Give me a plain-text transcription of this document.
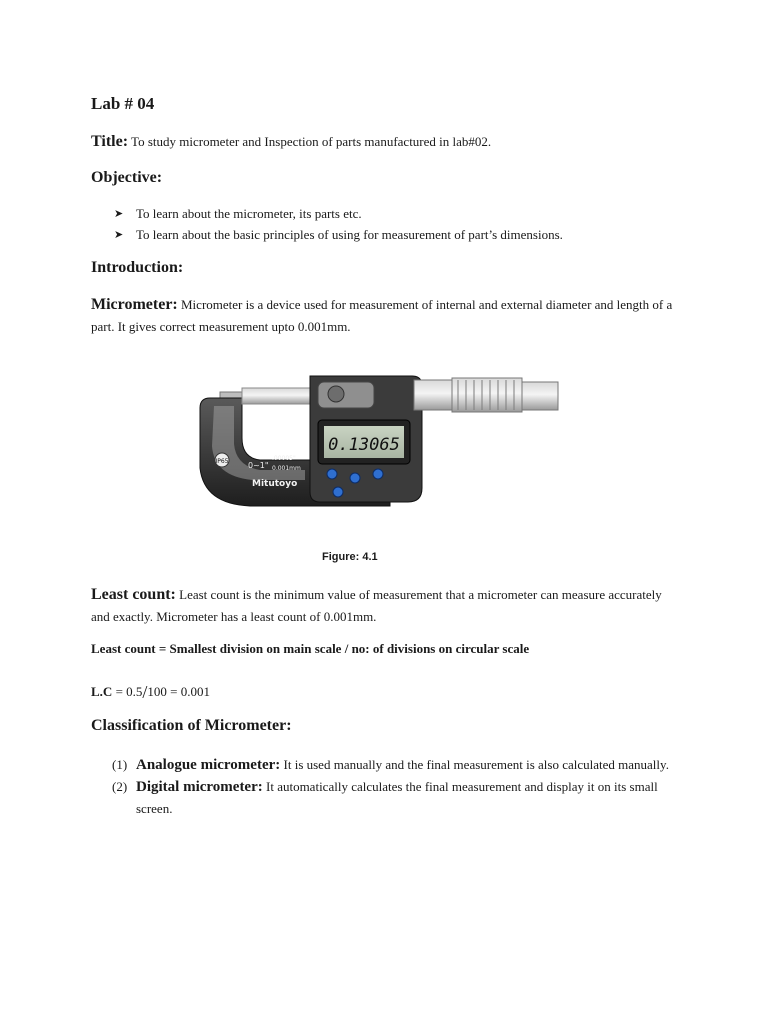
Lab # 04
Title: To study micrometer and Inspection of parts manufactured in lab#02.
Objective:
➤ To learn about the micrometer, its parts etc.
➤ To learn about the basic principles of using for measurement of part’s dimensions.
Introduction:
Micrometer: Micrometer is a device used for measurement of internal and external diameter and length of a part. It gives correct measurement upto 0.001mm.
0.13065
IP65 0~1"
.00005"
0.001mm
Mitutoyo
Figure: 4.1
Least count: Least count is the minimum value of measurement that a micrometer can measure accurately and exactly. Micrometer has a least count of 0.001mm.
Least count = Smallest division on main scale / no: of divisions on circular scale
L.C = 0.5/100 = 0.001
Classification of Micrometer:
(1) Analogue micrometer: It is used manually and the final measurement is also calculated manually.
(2) Digital micrometer: It automatically calculates the final measurement and display it on its small screen.
